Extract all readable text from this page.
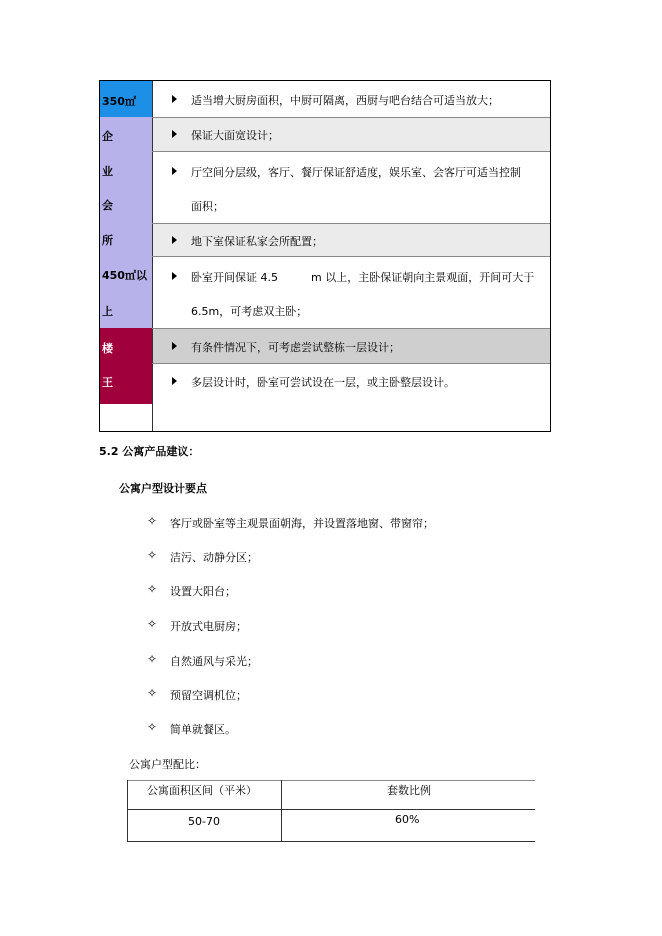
350㎡
企
业
会
所
450㎡以
上
楼
王
适当增大厨房面积，中厨可隔离，西厨与吧台结合可适当放大；
保证大面宽设计；
厅空间分层级，客厅、餐厅保证舒适度，娱乐室、会客厅可适当控制
面积；
地下室保证私家会所配置；
卧室开间保证 4.5　　　m 以上，主卧保证朝向主景观面，开间可大于
6.5m，可考虑双主卧；
有条件情况下，可考虑尝试整栋一层设计；
多层设计时，卧室可尝试设在一层，或主卧整层设计。
5.2 公寓产品建议：
公寓户型设计要点
✧ 客厅或卧室等主观景面朝海，并设置落地窗、带窗帘；
✧ 洁污、动静分区；
✧ 设置大阳台；
✧ 开放式电厨房；
✧ 自然通风与采光；
✧ 预留空调机位；
✧ 简单就餐区。
公寓户型配比：
公寓面积区间（平米）	套数比例
50-70	60%
